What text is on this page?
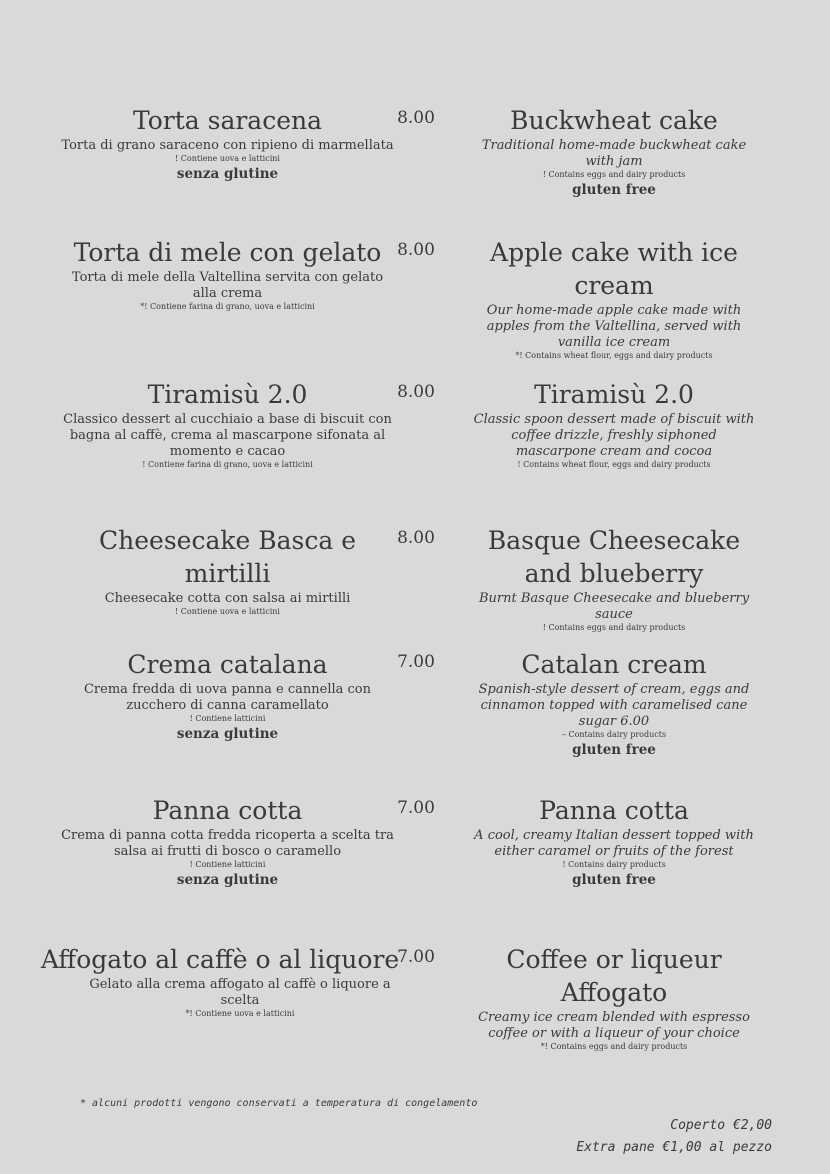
Torta saracena
Torta di grano saraceno con ripieno di marmellata
! Contiene uova e latticini
senza glutine
8.00	Buckwheat cake
Traditional home-made buckwheat cake with jam
! Contains eggs and dairy products
gluten free
Torta di mele con gelato
Torta di mele della Valtellina servita con gelato alla crema
*! Contiene farina di grano, uova e latticini
8.00	Apple cake with ice cream
Our home-made apple cake made with apples from the Valtellina, served with vanilla ice cream
*! Contains wheat flour, eggs and dairy products
Tiramisù 2.0
Classico dessert al cucchiaio a base di biscuit con bagna al caffè, crema al mascarpone sifonata al momento e cacao
! Contiene farina di grano, uova e latticini
8.00	Tiramisù 2.0
Classic spoon dessert made of biscuit with coffee drizzle, freshly siphoned mascarpone cream and cocoa
! Contains wheat flour, eggs and dairy products
Cheesecake Basca e mirtilli
Cheesecake cotta con salsa ai mirtilli
! Contiene uova e latticini
8.00	Basque Cheesecake and blueberry
Burnt Basque Cheesecake and blueberry sauce
! Contains eggs and dairy products
Crema catalana
Crema fredda di uova panna e cannella con zucchero di canna caramellato
! Contiene latticini
senza glutine
7.00	Catalan cream
Spanish-style dessert of cream, eggs and cinnamon topped with caramelised cane sugar 6.00
– Contains dairy products
gluten free
Panna cotta
Crema di panna cotta fredda ricoperta a scelta tra salsa ai frutti di bosco o caramello
! Contiene latticini
senza glutine
7.00	Panna cotta
A cool, creamy Italian dessert topped with either caramel or fruits of the forest
! Contains dairy products
gluten free
Affogato al caffè o al liquore
Gelato alla crema affogato al caffè o liquore a scelta
*! Contiene uova e latticini
7.00	Coffee or liqueur Affogato
Creamy ice cream blended with espresso coffee or with a liqueur of your choice
*! Contains eggs and dairy products
* alcuni prodotti vengono conservati a temperatura di congelamento
Coperto €2,00
Extra pane €1,00 al pezzo
